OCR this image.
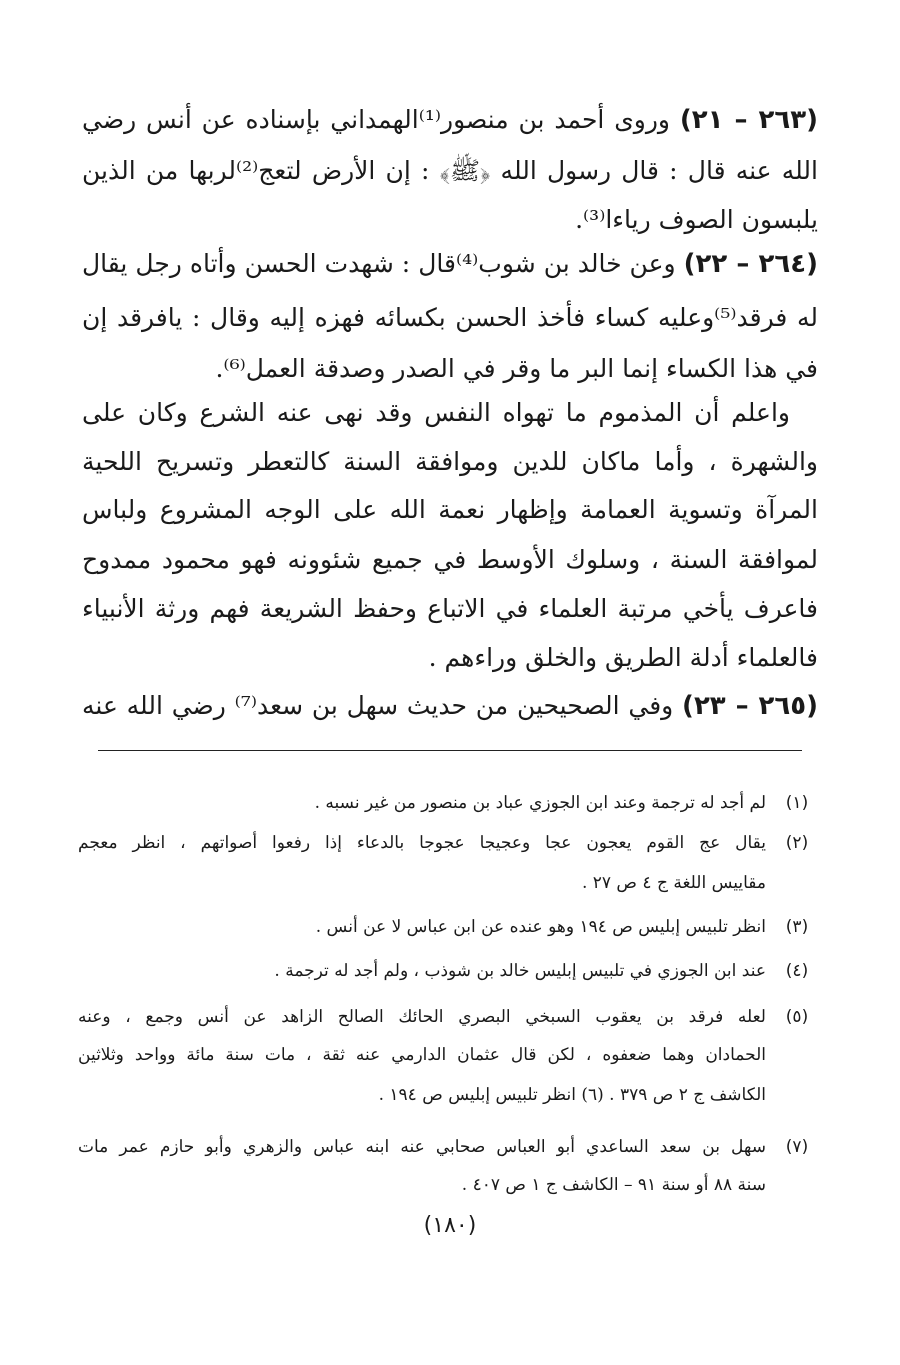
(٢٦٣ – ٢١) وروى أحمد بن منصور⁽¹⁾الهمداني بإسناده عن أنس رضي
الله عنه قال : قال رسول الله ﴿ﷺ﴾ : إن الأرض لتعج⁽²⁾لربها من الذين
يلبسون الصوف رياءا⁽³⁾.
(٢٦٤ – ٢٢) وعن خالد بن شوب⁽⁴⁾قال : شهدت الحسن وأتاه رجل يقال
له فرقد⁽⁵⁾وعليه كساء فأخذ الحسن بكسائه فهزه إليه وقال : يافرقد إن
في هذا الكساء إنما البر ما وقر في الصدر وصدقة العمل⁽⁶⁾.
واعلم أن المذموم ما تهواه النفس وقد نهى عنه الشرع وكان على
والشهرة ، وأما ماكان للدين وموافقة السنة كالتعطر وتسريح اللحية
المرآة وتسوية العمامة وإظهار نعمة الله على الوجه المشروع ولباس
لموافقة السنة ، وسلوك الأوسط في جميع شئوونه فهو محمود ممدوح
فاعرف يأخي مرتبة العلماء في الاتباع وحفظ الشريعة فهم ورثة الأنبياء
فالعلماء أدلة الطريق والخلق وراءهم .
(٢٦٥ – ٢٣) وفي الصحيحين من حديث سهل بن سعد⁽⁷⁾ رضي الله عنه
(١)
لم أجد له ترجمة وعند ابن الجوزي عباد بن منصور من غير نسبه .
(٢)
يقال عج القوم يعجون عجا وعجيجا عجوجا بالدعاء إذا رفعوا أصواتهم ، انظر معجم
مقاييس اللغة ج ٤ ص ٢٧ .
(٣)
انظر تلبيس إبليس ص ١٩٤ وهو عنده عن ابن عباس لا عن أنس .
(٤)
عند ابن الجوزي في تلبيس إبليس خالد بن شوذب ، ولم أجد له ترجمة .
(٥)
لعله فرقد بن يعقوب السبخي البصري الحائك الصالح الزاهد عن أنس وجمع ، وعنه
الحمادان وهما ضعفوه ، لكن قال عثمان الدارمي عنه ثقة ، مات سنة مائة وواحد وثلاثين
الكاشف ج ٢ ص ٣٧٩ . (٦) انظر تلبيس إبليس ص ١٩٤ .
(٧)
سهل بن سعد الساعدي أبو العباس صحابي عنه ابنه عباس والزهري وأبو حازم عمر مات
سنة ٨٨ أو سنة ٩١ – الكاشف ج ١ ص ٤٠٧ .
(١٨٠)
